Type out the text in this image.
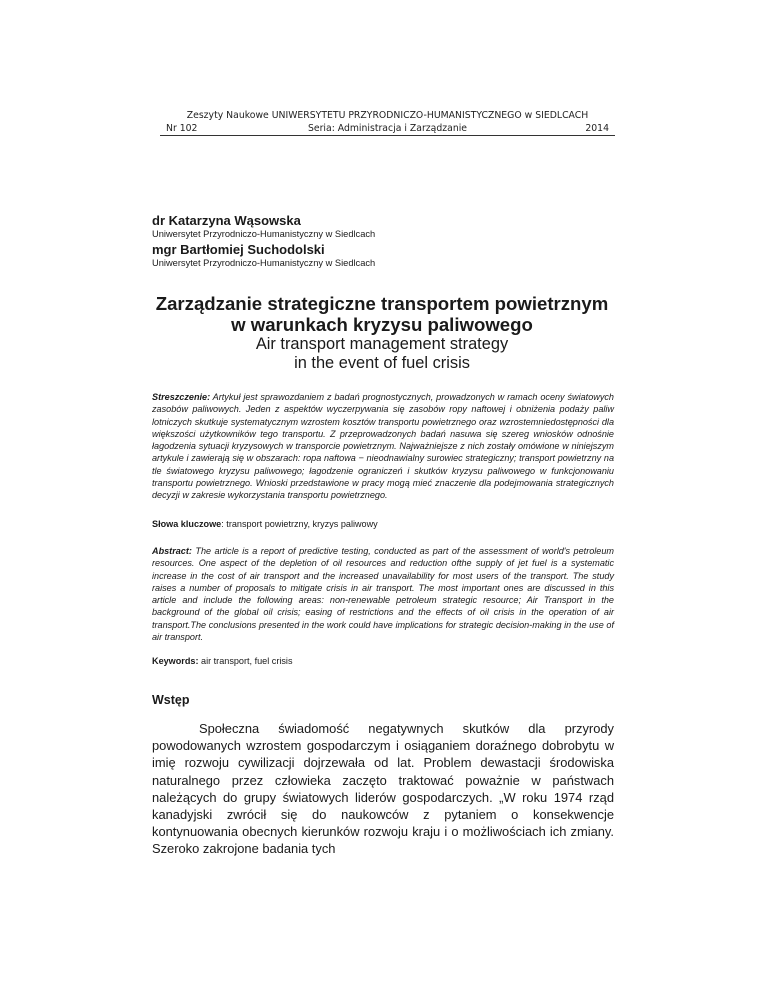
Zeszyty Naukowe UNIWERSYTETU PRZYRODNICZO-HUMANISTYCZNEGO w SIEDLCACH
Nr 102	Seria: Administracja i Zarządzanie	2014
dr Katarzyna Wąsowska
Uniwersytet Przyrodniczo-Humanistyczny w Siedlcach
mgr Bartłomiej Suchodolski
Uniwersytet Przyrodniczo-Humanistyczny w Siedlcach
Zarządzanie strategiczne transportem powietrznym
w warunkach kryzysu paliwowego
Air transport management strategy
in the event of fuel crisis
Streszczenie: Artykuł jest sprawozdaniem z badań prognostycznych, prowadzonych w ramach oceny światowych zasobów paliwowych. Jeden z aspektów wyczerpywania się zasobów ropy naftowej i obniżenia podaży paliw lotniczych skutkuje systematycznym wzrostem kosztów transportu powietrznego oraz wzrostemniedostępności dla większości użytkowników tego transportu. Z przeprowadzonych badań nasuwa się szereg wniosków odnośnie łagodzenia sytuacji kryzysowych w transporcie powietrznym. Najważniejsze z nich zostały omówione w niniejszym artykule i zawierają się w obszarach: ropa naftowa − nieodnawialny surowiec strategiczny; transport powietrzny na tle światowego kryzysu paliwowego; łagodzenie ograniczeń i skutków kryzysu paliwowego w funkcjonowaniu transportu powietrznego. Wnioski przedstawione w pracy mogą mieć znaczenie dla podejmowania strategicznych decyzji w zakresie wykorzystania transportu powietrznego.
Słowa kluczowe: transport powietrzny, kryzys paliwowy
Abstract: The article is a report of predictive testing, conducted as part of the assessment of world's petroleum resources. One aspect of the depletion of oil resources and reduction ofthe supply of jet fuel is a systematic increase in the cost of air transport and the increased unavailability for most users of the transport. The study raises a number of proposals to mitigate crisis in air transport. The most important ones are discussed in this article and include the following areas: non-renewable petroleum strategic resource; Air Transport in the background of the global oil crisis; easing of restrictions and the effects of oil crisis in the operation of air transport.The conclusions presented in the work could have implications for strategic decision-making in the use of air transport.
Keywords: air transport, fuel crisis
Wstęp

Społeczna świadomość negatywnych skutków dla przyrody powodowanych wzrostem gospodarczym i osiąganiem doraźnego dobrobytu w imię rozwoju cywilizacji dojrzewała od lat. Problem dewastacji środowiska naturalnego przez człowieka zaczęto traktować poważnie w państwach należących do grupy światowych liderów gospodarczych. „W roku 1974 rząd kanadyjski zwrócił się do naukowców z pytaniem o konsekwencje kontynuowania obecnych kierunków rozwoju kraju i o możliwościach ich zmiany. Szeroko zakrojone badania tych
